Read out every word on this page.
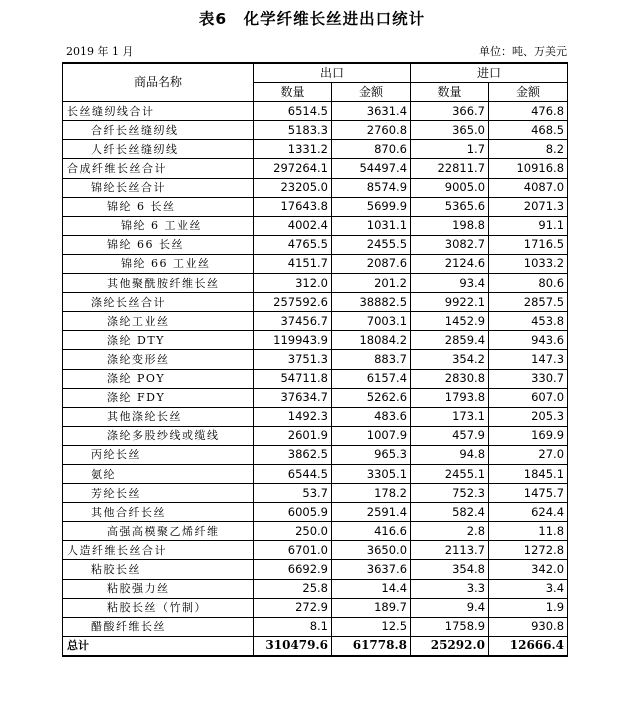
表6　化学纤维长丝进出口统计
2019 年 1 月	单位：吨、万美元
商品名称	出口		进口	
	数量	金额	数量	金额
长丝缝纫线合计	6514.5	3631.4	366.7	476.8
合纤长丝缝纫线	5183.3	2760.8	365.0	468.5
人纤长丝缝纫线	1331.2	870.6	1.7	8.2
合成纤维长丝合计	297264.1	54497.4	22811.7	10916.8
锦纶长丝合计	23205.0	8574.9	9005.0	4087.0
锦纶 6 长丝	17643.8	5699.9	5365.6	2071.3
锦纶 6 工业丝	4002.4	1031.1	198.8	91.1
锦纶 66 长丝	4765.5	2455.5	3082.7	1716.5
锦纶 66 工业丝	4151.7	2087.6	2124.6	1033.2
其他聚酰胺纤维长丝	312.0	201.2	93.4	80.6
涤纶长丝合计	257592.6	38882.5	9922.1	2857.5
涤纶工业丝	37456.7	7003.1	1452.9	453.8
涤纶 DTY	119943.9	18084.2	2859.4	943.6
涤纶变形丝	3751.3	883.7	354.2	147.3
涤纶 POY	54711.8	6157.4	2830.8	330.7
涤纶 FDY	37634.7	5262.6	1793.8	607.0
其他涤纶长丝	1492.3	483.6	173.1	205.3
涤纶多股纱线或缆线	2601.9	1007.9	457.9	169.9
丙纶长丝	3862.5	965.3	94.8	27.0
氨纶	6544.5	3305.1	2455.1	1845.1
芳纶长丝	53.7	178.2	752.3	1475.7
其他合纤长丝	6005.9	2591.4	582.4	624.4
高强高模聚乙烯纤维	250.0	416.6	2.8	11.8
人造纤维长丝合计	6701.0	3650.0	2113.7	1272.8
粘胶长丝	6692.9	3637.6	354.8	342.0
粘胶强力丝	25.8	14.4	3.3	3.4
粘胶长丝（竹制）	272.9	189.7	9.4	1.9
醋酸纤维长丝	8.1	12.5	1758.9	930.8
总计	310479.6	61778.8	25292.0	12666.4
